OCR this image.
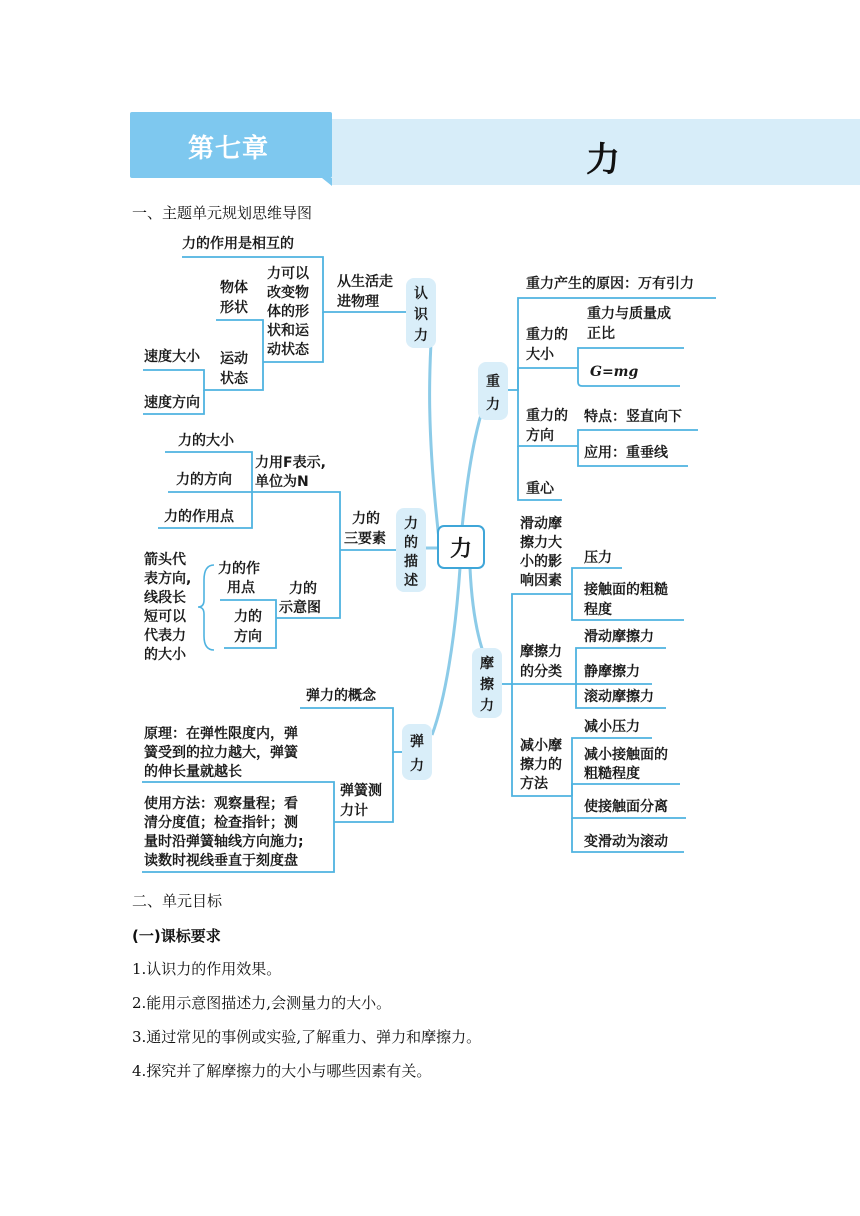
力
第七章
一、主题单元规划思维导图
力
认
识
力
从生活走
进物理
力的作用是相互的
力可以
改变物
体的形
状和运
动状态
物体
形状
运动
状态
速度大小
速度方向
力
的
描
述
力的
三要素
力用F表示,
单位为N
力的大小
力的方向
力的作用点
力的
示意图
力的作
用点
力的
方向
箭头代
表方向,
线段长
短可以
代表力
的大小
弹
力
弹力的概念
弹簧测
力计
原理：在弹性限度内，弹
簧受到的拉力越大，弹簧
的伸长量就越长
使用方法：观察量程；看
清分度值；检查指针；测
量时沿弹簧轴线方向施力;
读数时视线垂直于刻度盘
重
力
重力产生的原因：万有引力
重力的
大小
重力与质量成
正比
G=mg
重力的
方向
特点：竖直向下
应用：重垂线
重心
摩
擦
力
滑动摩
擦力大
小的影
响因素
压力
接触面的粗糙
程度
摩擦力
的分类
滑动摩擦力
静摩擦力
滚动摩擦力
减小摩
擦力的
方法
减小压力
减小接触面的
粗糙程度
使接触面分离
变滑动为滚动
二、单元目标
(一)课标要求
1.认识力的作用效果。
2.能用示意图描述力,会测量力的大小。
3.通过常见的事例或实验,了解重力、弹力和摩擦力。
4.探究并了解摩擦力的大小与哪些因素有关。
